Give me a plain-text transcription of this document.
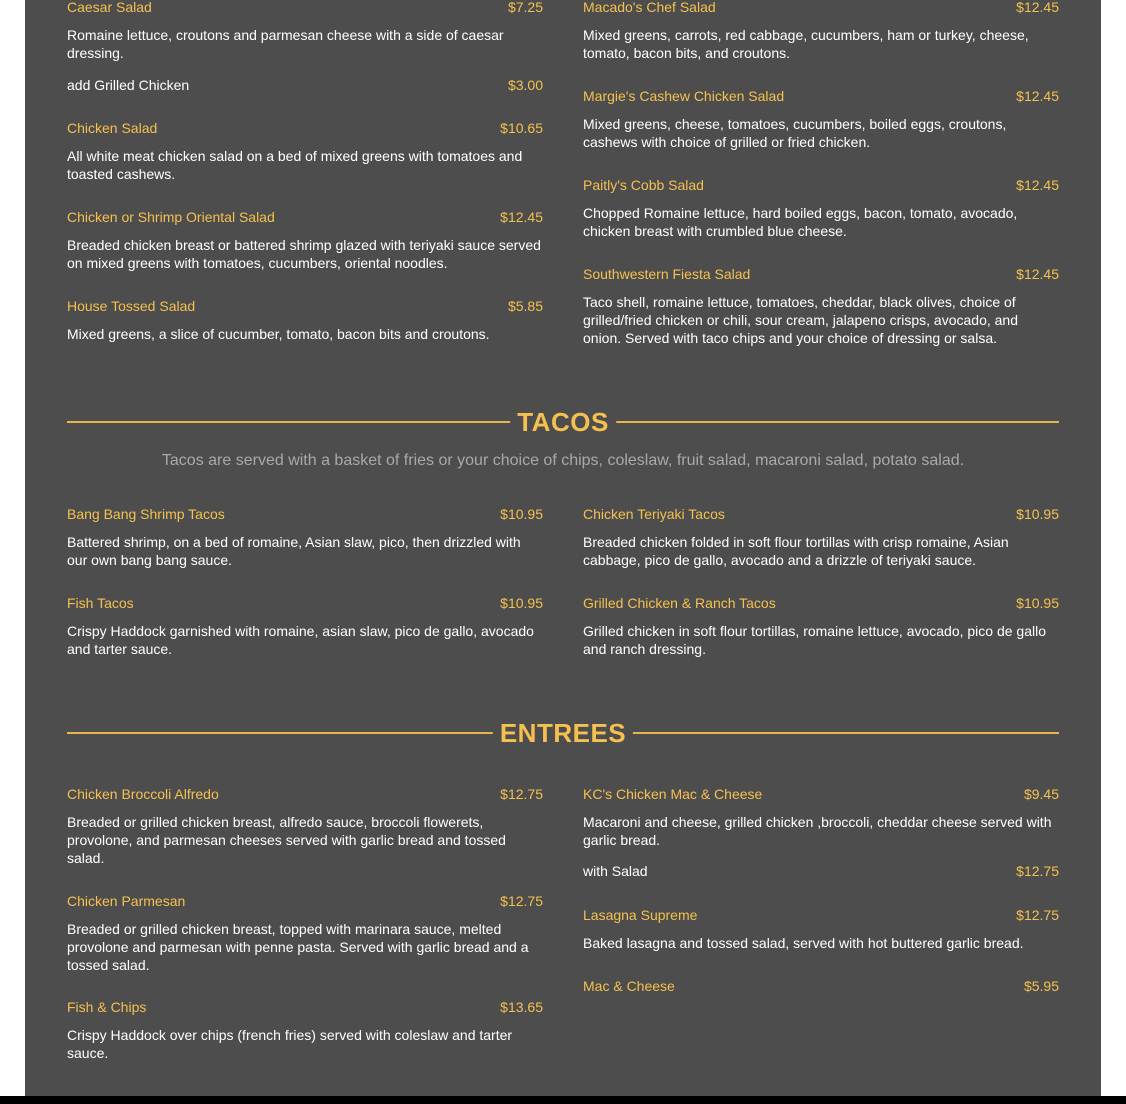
Caesar Salad	$7.25
Romaine lettuce, croutons and parmesan cheese with a side of caesar dressing.
add Grilled Chicken	$3.00
Chicken Salad	$10.65
All white meat chicken salad on a bed of mixed greens with tomatoes and toasted cashews.
Chicken or Shrimp Oriental Salad	$12.45
Breaded chicken breast or battered shrimp glazed with teriyaki sauce served on mixed greens with tomatoes, cucumbers, oriental noodles.
House Tossed Salad	$5.85
Mixed greens, a slice of cucumber, tomato, bacon bits and croutons.
Macado's Chef Salad	$12.45
Mixed greens, carrots, red cabbage, cucumbers, ham or turkey, cheese, tomato, bacon bits, and croutons.
Margie's Cashew Chicken Salad	$12.45
Mixed greens, cheese, tomatoes, cucumbers, boiled eggs, croutons, cashews with choice of grilled or fried chicken.
Paitly's Cobb Salad	$12.45
Chopped Romaine lettuce, hard boiled eggs, bacon, tomato, avocado, chicken breast with crumbled blue cheese.
Southwestern Fiesta Salad	$12.45
Taco shell, romaine lettuce, tomatoes, cheddar, black olives, choice of grilled/fried chicken or chili, sour cream, jalapeno crisps, avocado, and onion. Served with taco chips and your choice of dressing or salsa.
TACOS
Tacos are served with a basket of fries or your choice of chips, coleslaw, fruit salad, macaroni salad, potato salad.
Bang Bang Shrimp Tacos	$10.95
Battered shrimp, on a bed of romaine, Asian slaw, pico, then drizzled with our own bang bang sauce.
Fish Tacos	$10.95
Crispy Haddock garnished with romaine, asian slaw, pico de gallo, avocado and tarter sauce.
Chicken Teriyaki Tacos	$10.95
Breaded chicken folded in soft flour tortillas with crisp romaine, Asian cabbage, pico de gallo, avocado and a drizzle of teriyaki sauce.
Grilled Chicken & Ranch Tacos	$10.95
Grilled chicken in soft flour tortillas, romaine lettuce, avocado, pico de gallo and ranch dressing.
ENTREES
Chicken Broccoli Alfredo	$12.75
Breaded or grilled chicken breast, alfredo sauce, broccoli flowerets, provolone, and parmesan cheeses served with garlic bread and tossed salad.
Chicken Parmesan	$12.75
Breaded or grilled chicken breast, topped with marinara sauce, melted provolone and parmesan with penne pasta. Served with garlic bread and a tossed salad.
Fish & Chips	$13.65
Crispy Haddock over chips (french fries) served with coleslaw and tarter sauce.
KC's Chicken Mac & Cheese	$9.45
Macaroni and cheese, grilled chicken ,broccoli, cheddar cheese served with garlic bread.
with Salad	$12.75
Lasagna Supreme	$12.75
Baked lasagna and tossed salad, served with hot buttered garlic bread.
Mac & Cheese	$5.95
